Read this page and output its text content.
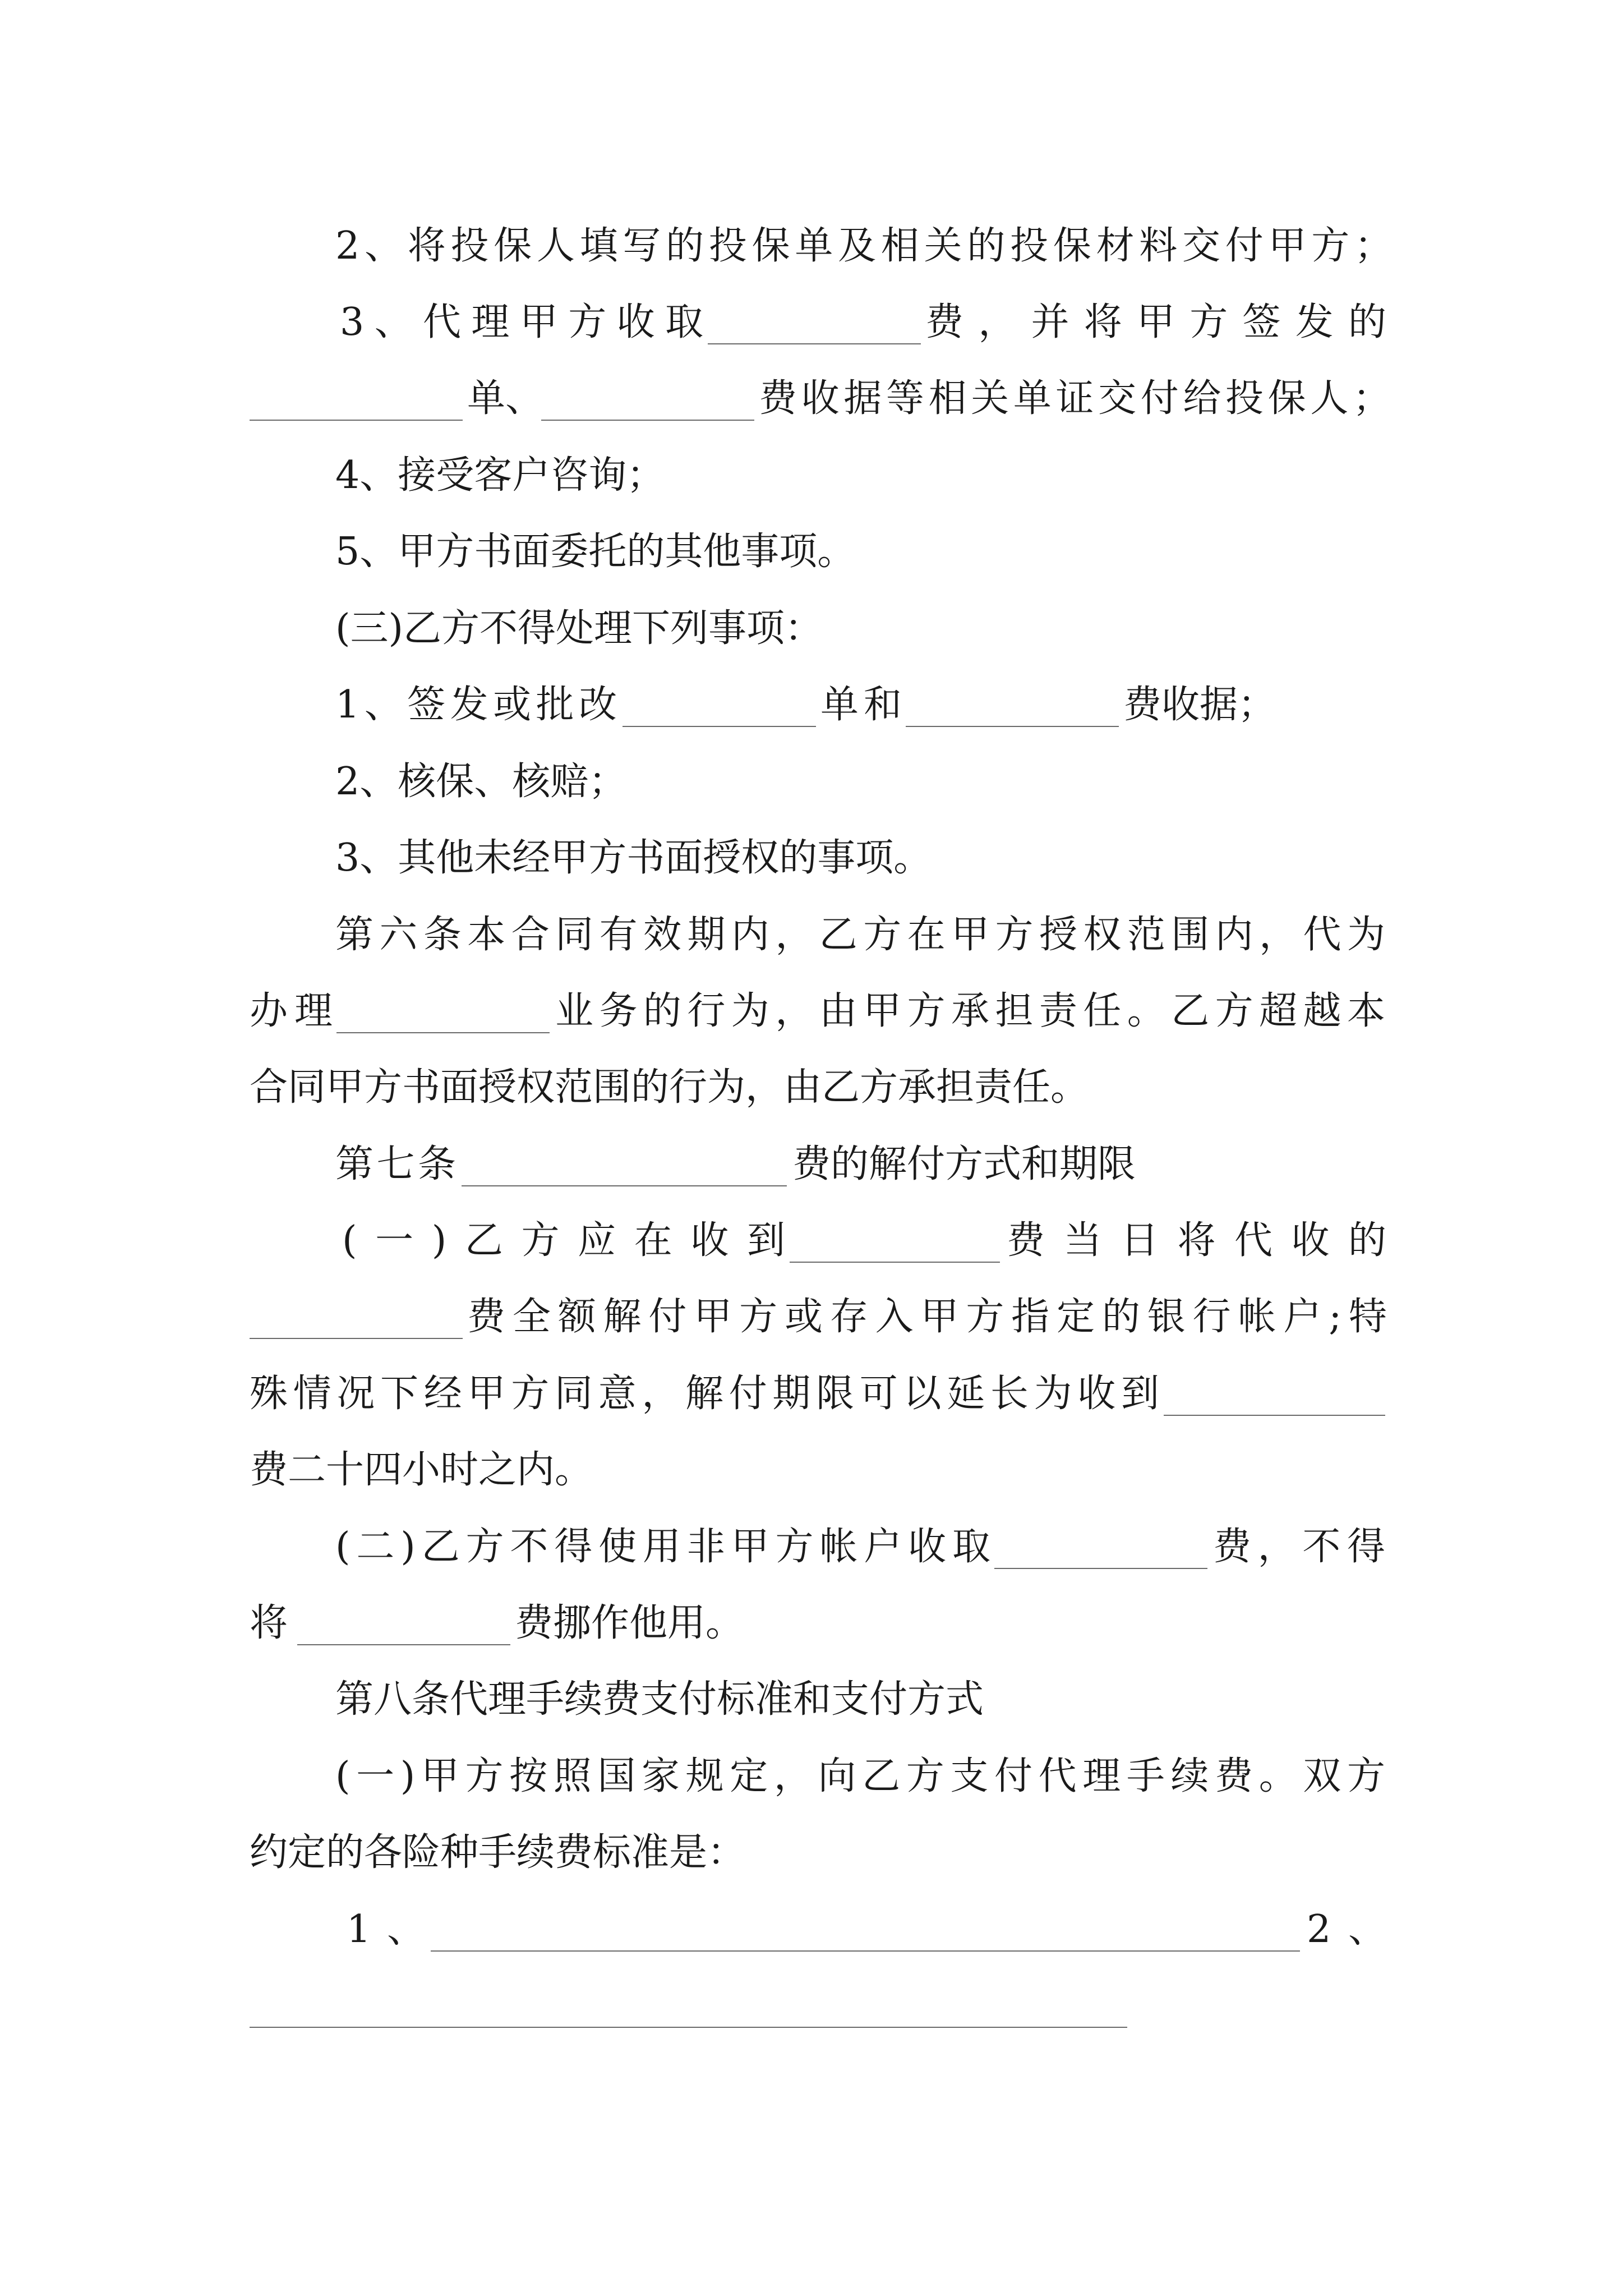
2、将投保人填写的投保单及相关的投保材料交付甲方；
3、代理甲方收取	费，并将甲方签发的
单、	费收据等相关单证交付给投保人；
4、接受客户咨询；
5、甲方书面委托的其他事项。
(三)乙方不得处理下列事项：
1、签发或批改	单和	费收据；
2、核保、核赔；
3、其他未经甲方书面授权的事项。
第六条本合同有效期内，乙方在甲方授权范围内，代为
办理	业务的行为，由甲方承担责任。乙方超越本
合同甲方书面授权范围的行为，由乙方承担责任。
第七条	费的解付方式和期限
(一)乙方应在收到	费当日将代收的
费全额解付甲方或存入甲方指定的银行帐户;特
殊情况下经甲方同意，解付期限可以延长为收到
费二十四小时之内。
(二)乙方不得使用非甲方帐户收取	费，不得
将	费挪作他用。
第八条代理手续费支付标准和支付方式
(一)甲方按照国家规定，向乙方支付代理手续费。双方
约定的各险种手续费标准是：
1、	2、
